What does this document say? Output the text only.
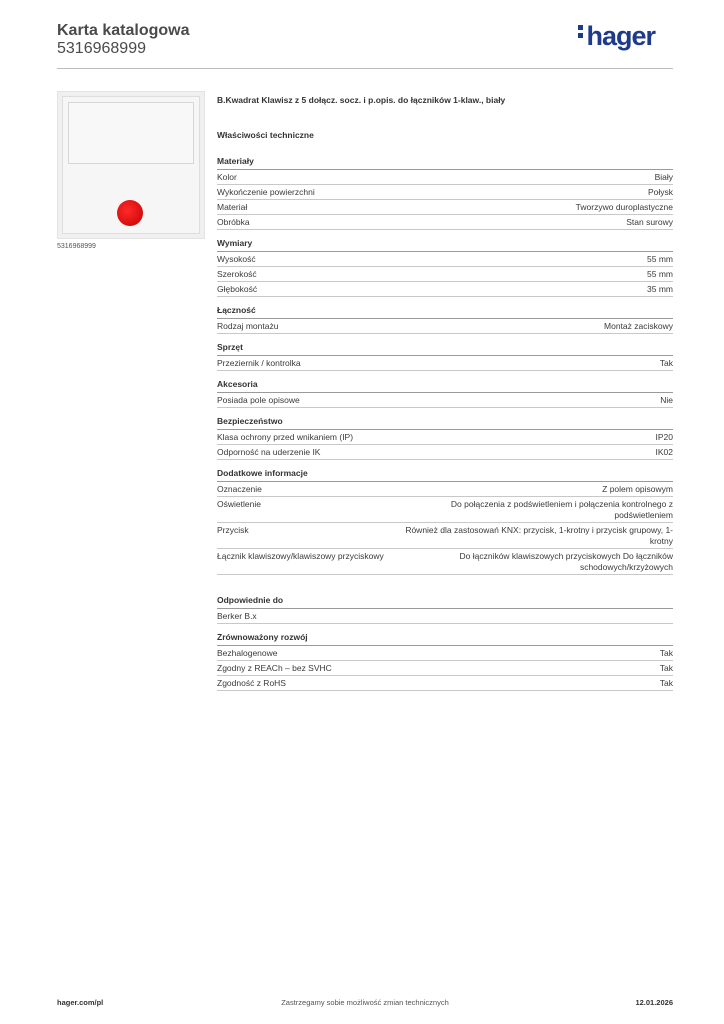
Karta katalogowa
5316968999	hager
5316968999
B.Kwadrat Klawisz z 5 dołącz. socz. i p.opis. do łączników 1-klaw., biały
Właściwości techniczne
Materiały
Kolor	Biały
Wykończenie powierzchni	Połysk
Materiał	Tworzywo duroplastyczne
Obróbka	Stan surowy
Wymiary
Wysokość	55 mm
Szerokość	55 mm
Głębokość	35 mm
Łączność
Rodzaj montażu	Montaż zaciskowy
Sprzęt
Przeziernik / kontrolka	Tak
Akcesoria
Posiada pole opisowe	Nie
Bezpieczeństwo
Klasa ochrony przed wnikaniem (IP)	IP20
Odporność na uderzenie IK	IK02
Dodatkowe informacje
Oznaczenie	Z polem opisowym
Oświetlenie	Do połączenia z podświetleniem i połączenia kontrolnego z podświetleniem
Przycisk	Również dla zastosowań KNX: przycisk, 1-krotny i przycisk grupowy, 1-krotny
Łącznik klawiszowy/klawiszowy przyciskowy	Do łączników klawiszowych przyciskowych Do łączników schodowych/krzyżowych
Odpowiednie do
Berker B.x
Zrównoważony rozwój
Bezhalogenowe	Tak
Zgodny z REACh – bez SVHC	Tak
Zgodność z RoHS	Tak
Zastrzegamy sobie możliwość zmian technicznych
hager.com/pl	12.01.2026
